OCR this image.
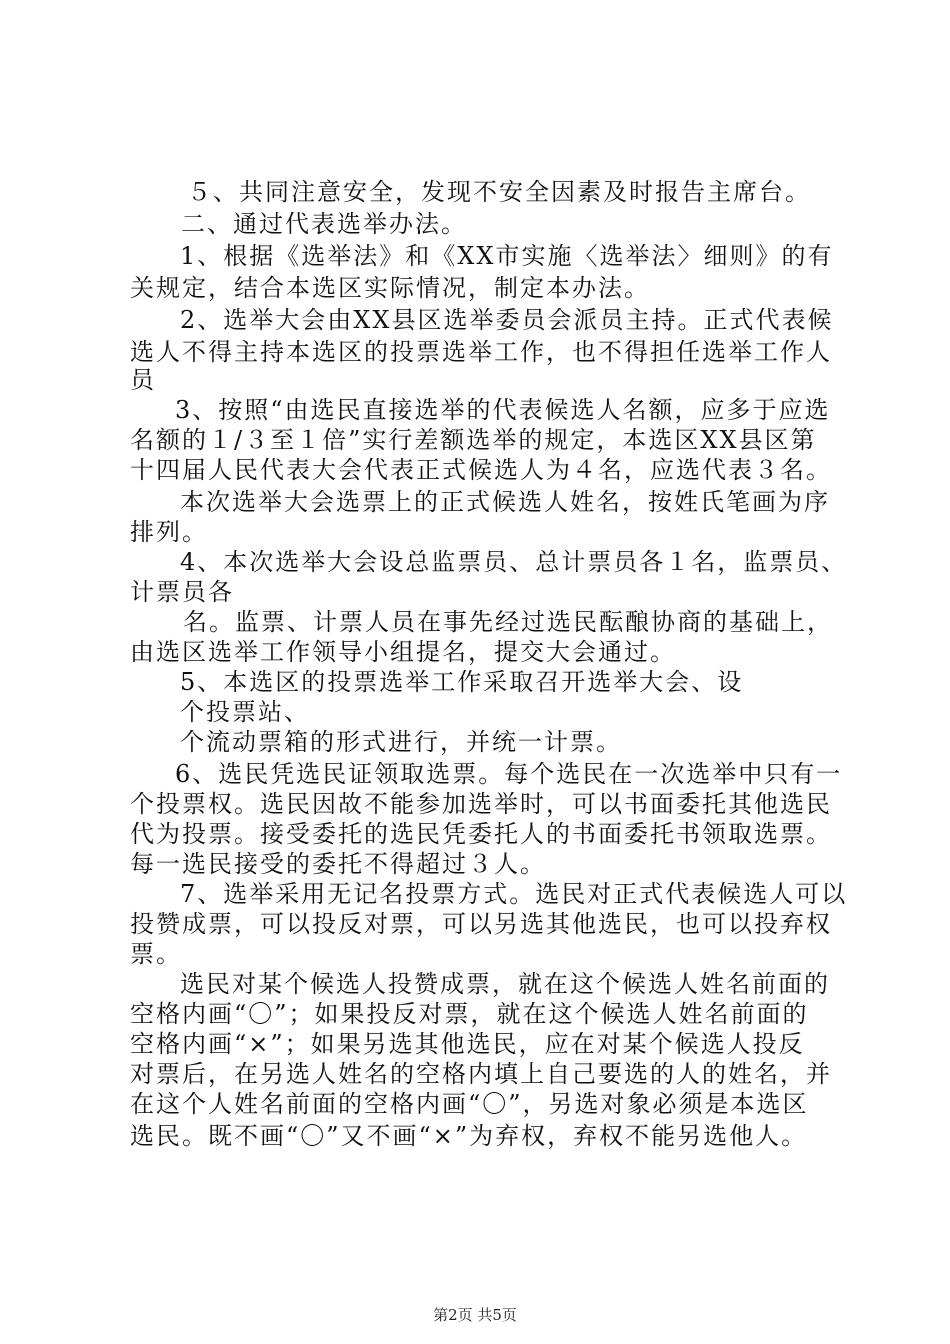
５、共同注意安全，发现不安全因素及时报告主席台。
二、通过代表选举办法。
1、根据《选举法》和《XX市实施〈选举法〉细则》的有
关规定，结合本选区实际情况，制定本办法。
2、选举大会由XX县区选举委员会派员主持。正式代表候
选人不得主持本选区的投票选举工作，也不得担任选举工作人
员
3、按照“由选民直接选举的代表候选人名额，应多于应选
名额的１/３至１倍”实行差额选举的规定，本选区XX县区第
十四届人民代表大会代表正式候选人为４名，应选代表３名。
本次选举大会选票上的正式候选人姓名，按姓氏笔画为序
排列。
4、本次选举大会设总监票员、总计票员各１名，监票员、
计票员各
名。监票、计票人员在事先经过选民酝酿协商的基础上，
由选区选举工作领导小组提名，提交大会通过。
5、本选区的投票选举工作采取召开选举大会、设
个投票站、
个流动票箱的形式进行，并统一计票。
6、选民凭选民证领取选票。每个选民在一次选举中只有一
个投票权。选民因故不能参加选举时，可以书面委托其他选民
代为投票。接受委托的选民凭委托人的书面委托书领取选票。
每一选民接受的委托不得超过３人。
7、选举采用无记名投票方式。选民对正式代表候选人可以
投赞成票，可以投反对票，可以另选其他选民，也可以投弃权
票。
选民对某个候选人投赞成票，就在这个候选人姓名前面的
空格内画“〇”；如果投反对票，就在这个候选人姓名前面的
空格内画“×”；如果另选其他选民，应在对某个候选人投反
对票后，在另选人姓名的空格内填上自己要选的人的姓名，并
在这个人姓名前面的空格内画“〇”，另选对象必须是本选区
选民。既不画“〇”又不画“×”为弃权，弃权不能另选他人。
第2页 共5页
